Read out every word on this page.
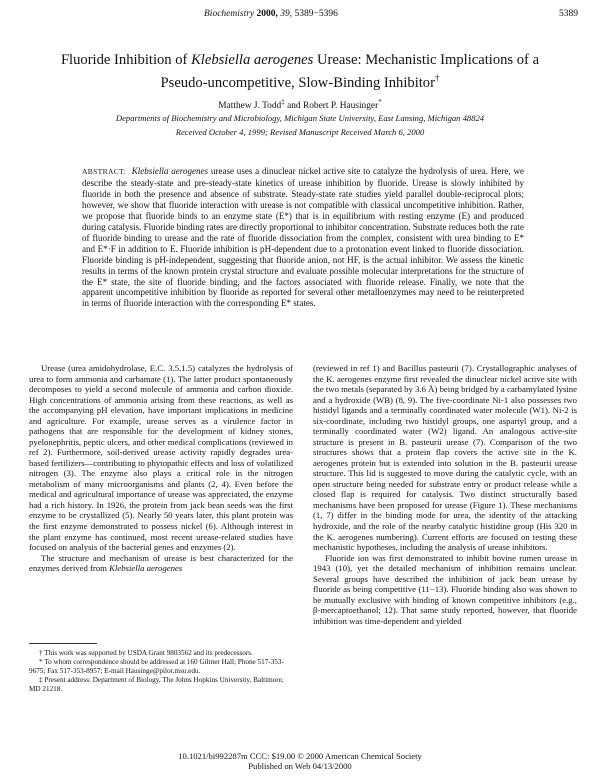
Biochemistry 2000, 39, 5389−5396	5389
Fluoride Inhibition of Klebsiella aerogenes Urease: Mechanistic Implications of a
Pseudo-uncompetitive, Slow-Binding Inhibitor†
Matthew J. Todd‡ and Robert P. Hausinger*
Departments of Biochemistry and Microbiology, Michigan State University, East Lansing, Michigan 48824
Received October 4, 1999; Revised Manuscript Received March 6, 2000
ABSTRACT: Klebsiella aerogenes urease uses a dinuclear nickel active site to catalyze the hydrolysis of urea. Here, we describe the steady-state and pre-steady-state kinetics of urease inhibition by fluoride. Urease is slowly inhibited by fluoride in both the presence and absence of substrate. Steady-state rate studies yield parallel double-reciprocal plots; however, we show that fluoride interaction with urease is not compatible with classical uncompetitive inhibition. Rather, we propose that fluoride binds to an enzyme state (E*) that is in equilibrium with resting enzyme (E) and produced during catalysis. Fluoride binding rates are directly proportional to inhibitor concentration. Substrate reduces both the rate of fluoride binding to urease and the rate of fluoride dissociation from the complex, consistent with urea binding to E* and E*·F in addition to E. Fluoride inhibition is pH-dependent due to a protonation event linked to fluoride dissociation. Fluoride binding is pH-independent, suggesting that fluoride anion, not HF, is the actual inhibitor. We assess the kinetic results in terms of the known protein crystal structure and evaluate possible molecular interpretations for the structure of the E* state, the site of fluoride binding, and the factors associated with fluoride release. Finally, we note that the apparent uncompetitive inhibition by fluoride as reported for several other metalloenzymes may need to be reinterpreted in terms of fluoride interaction with the corresponding E* states.

Urease (urea amidohydrolase, E.C. 3.5.1.5) catalyzes the hydrolysis of urea to form ammonia and carbamate (1). The latter product spontaneously decomposes to yield a second molecule of ammonia and carbon dioxide. High concentrations of ammonia arising from these reactions, as well as the accompanying pH elevation, have important implications in medicine and agriculture. For example, urease serves as a virulence factor in pathogens that are responsible for the development of kidney stones, pyelonephritis, peptic ulcers, and other medical complications (reviewed in ref 2). Furthermore, soil-derived urease activity rapidly degrades urea-based fertilizers—contributing to phytopathic effects and loss of volatilized nitrogen (3). The enzyme also plays a critical role in the nitrogen metabolism of many microorganisms and plants (2, 4). Even before the medical and agricultural importance of urease was appreciated, the enzyme had a rich history. In 1926, the protein from jack bean seeds was the first enzyme to be crystallized (5). Nearly 50 years later, this plant protein was the first enzyme demonstrated to possess nickel (6). Although interest in the plant enzyme has continued, most recent urease-related studies have focused on analysis of the bacterial genes and enzymes (2).

The structure and mechanism of urease is best characterized for the enzymes derived from Klebsiella aerogenes

(reviewed in ref 1) and Bacillus pasteurii (7). Crystallographic analyses of the K. aerogenes enzyme first revealed the dinuclear nickel active site with the two metals (separated by 3.6 Å) being bridged by a carbamylated lysine and a hydroxide (WB) (8, 9). The five-coordinate Ni-1 also possesses two histidyl ligands and a terminally coordinated water molecule (W1). Ni-2 is six-coordinate, including two histidyl groups, one aspartyl group, and a terminally coordinated water (W2) ligand. An analogous active-site structure is present in B. pasteurii urease (7). Comparison of the two structures shows that a protein flap covers the active site in the K. aerogenes protein but is extended into solution in the B. pasteurii urease structure. This lid is suggested to move during the catalytic cycle, with an open structure being needed for substrate entry or product release while a closed flap is required for catalysis. Two distinct structurally based mechanisms have been proposed for urease (Figure 1). These mechanisms (1, 7) differ in the binding mode for urea, the identity of the attacking hydroxide, and the role of the nearby catalytic histidine group (His 320 in the K. aerogenes numbering). Current efforts are focused on testing these mechanistic hypotheses, including the analysis of urease inhibitors.

Fluoride ion was first demonstrated to inhibit bovine rumen urease in 1943 (10), yet the detailed mechanism of inhibition remains unclear. Several groups have described the inhibition of jack bean urease by fluoride as being competitive (11−13). Fluoride binding also was shown to be mutually exclusive with binding of known competitive inhibitors (e.g., β-mercaptoethanol; 12). That same study reported, however, that fluoride inhibition was time-dependent and yielded

† This work was supported by USDA Grant 9803562 and its predecessors.

* To whom correspondence should be addressed at 160 Giltner Hall; Phone 517-353-9675; Fax 517-353-8957; E-mail Hausinge@pilot.msu.edu.

‡ Present address: Department of Biology, The Johns Hopkins University, Baltimore, MD 21218.

10.1021/bi992287m CCC: $19.00 © 2000 American Chemical Society
Published on Web 04/13/2000
